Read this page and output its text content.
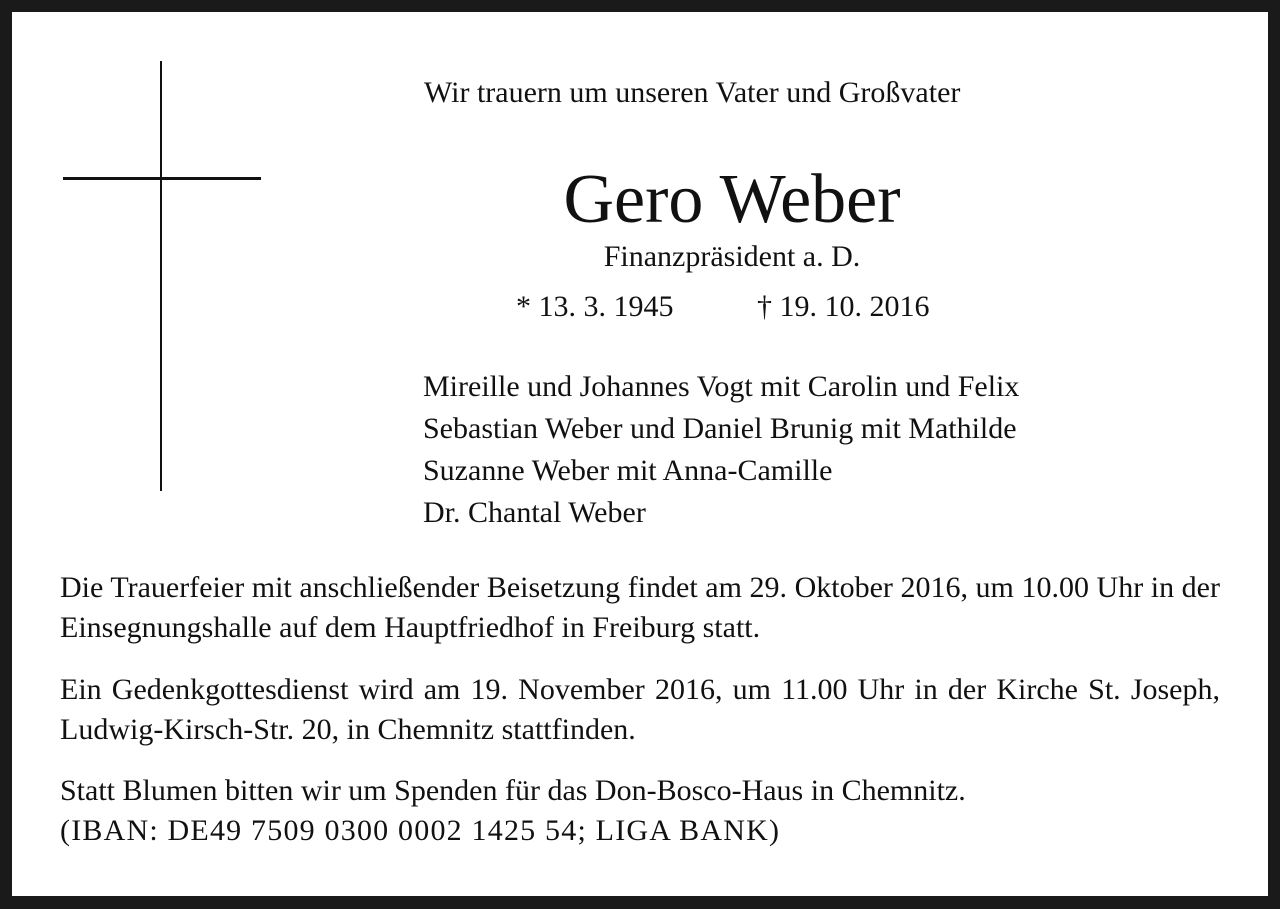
Wir trauern um unseren Vater und Großvater
Gero Weber
Finanzpräsident a. D.
* 13. 3. 1945	† 19. 10. 2016
Mireille und Johannes Vogt mit Carolin und Felix
Sebastian Weber und Daniel Brunig mit Mathilde
Suzanne Weber mit Anna-Camille
Dr. Chantal Weber
Die Trauerfeier mit anschließender Beisetzung findet am 29. Oktober 2016, um 10.00 Uhr in der Einsegnungshalle auf dem Hauptfriedhof in Freiburg statt.
Ein Gedenkgottesdienst wird am 19. November 2016, um 11.00 Uhr in der Kirche St. Joseph, Ludwig-Kirsch-Str. 20, in Chemnitz stattfinden.
Statt Blumen bitten wir um Spenden für das Don-Bosco-Haus in Chemnitz.
(IBAN: DE49 7509 0300 0002 1425 54; LIGA BANK)
